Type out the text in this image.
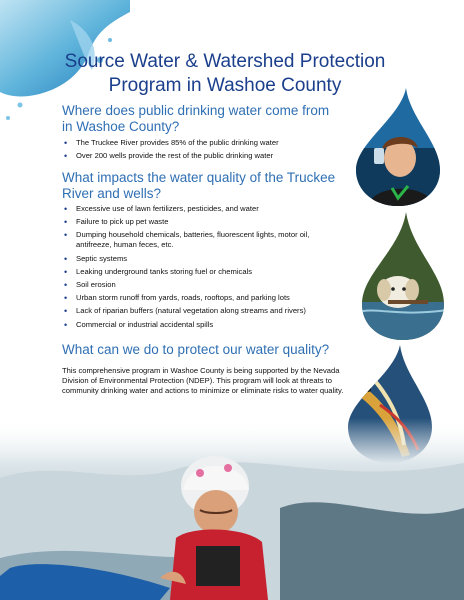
Source Water & Watershed Protection Program in Washoe County
Where does public drinking water come from in Washoe County?
• The Truckee River provides 85% of the public drinking water
• Over 200 wells provide the rest of the public drinking water
What impacts the water quality of the Truckee River and wells?
• Excessive use of lawn fertilizers, pesticides, and water
• Failure to pick up pet waste
• Dumping household chemicals, batteries, fluorescent lights, motor oil, antifreeze, human feces, etc.
• Septic systems
• Leaking underground tanks storing fuel or chemicals
• Soil erosion
• Urban storm runoff from yards, roads, rooftops, and parking lots
• Lack of riparian buffers (natural vegetation along streams and rivers)
• Commercial or industrial accidental spills
What can we do to protect our water quality?
This comprehensive program in Washoe County is being supported by the Nevada Division of Environmental Protection (NDEP). This program will look at threats to community drinking water and actions to minimize or eliminate risks to water quality.
